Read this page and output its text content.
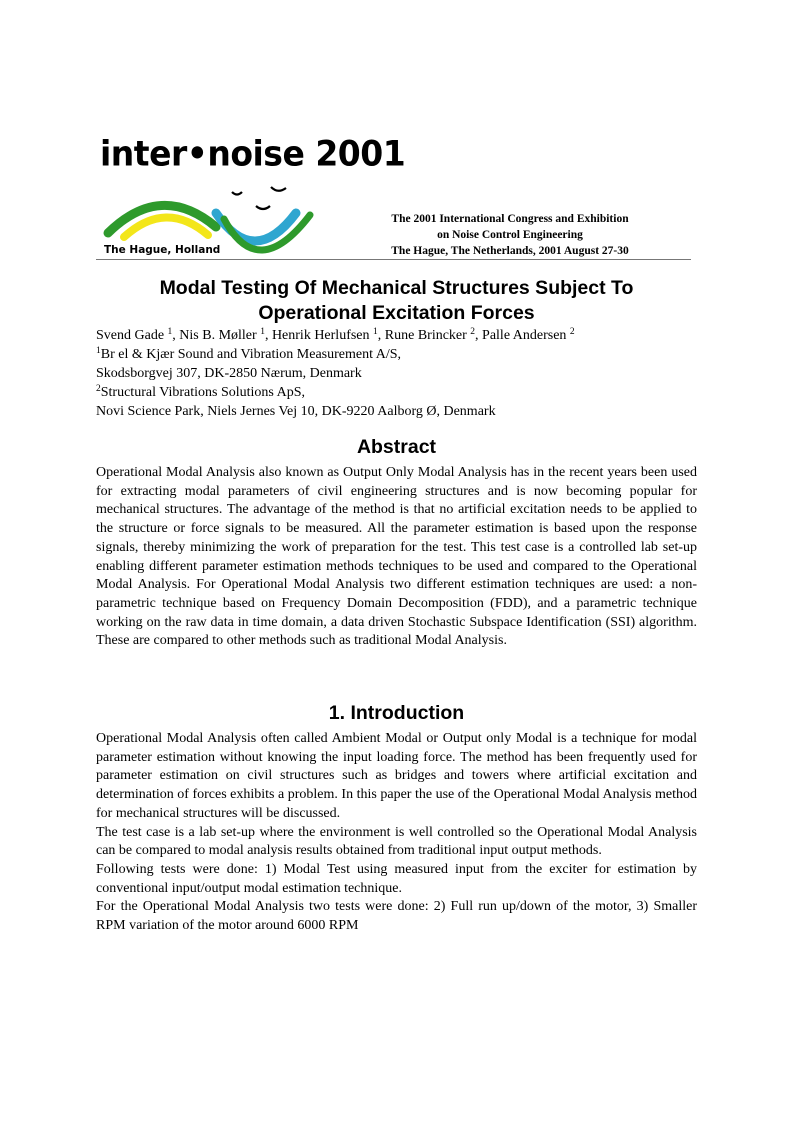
inter•noise 2001
The Hague, Holland
The 2001 International Congress and Exhibition
on Noise Control Engineering
The Hague, The Netherlands, 2001 August 27-30
Modal Testing Of Mechanical Structures Subject To
Operational Excitation Forces
Svend Gade $^1$, Nis B. Møller $^1$, Henrik Herlufsen $^1$, Rune Brincker $^2$, Palle Andersen $^2$
$^1$Br el & Kjær Sound and Vibration Measurement A/S,
Skodsborgvej 307, DK-2850 Nærum, Denmark
$^2$Structural Vibrations Solutions ApS,
Novi Science Park, Niels Jernes Vej 10, DK-9220 Aalborg Ø, Denmark
Abstract

Operational Modal Analysis also known as Output Only Modal Analysis has in the recent years been used for extracting modal parameters of civil engineering structures and is now becoming popular for mechanical structures. The advantage of the method is that no artificial excitation needs to be applied to the structure or force signals to be measured. All the parameter estimation is based upon the response signals, thereby minimizing the work of preparation for the test. This test case is a controlled lab set-up enabling different parameter estimation methods techniques to be used and compared to the Operational Modal Analysis. For Operational Modal Analysis two different estimation techniques are used: a non-parametric technique based on Frequency Domain Decomposition (FDD), and a parametric technique working on the raw data in time domain, a data driven Stochastic Subspace Identification (SSI) algorithm. These are compared to other methods such as traditional Modal Analysis.

1. Introduction

Operational Modal Analysis often called Ambient Modal or Output only Modal is a technique for modal parameter estimation without knowing the input loading force. The method has been frequently used for parameter estimation on civil structures such as bridges and towers where artificial excitation and determination of forces exhibits a problem. In this paper the use of the Operational Modal Analysis method for mechanical structures will be discussed.

The test case is a lab set-up where the environment is well controlled so the Operational Modal Analysis can be compared to modal analysis results obtained from traditional input output methods.

Following tests were done: 1) Modal Test using measured input from the exciter for estimation by conventional input/output modal estimation technique.

For the Operational Modal Analysis two tests were done: 2) Full run up/down of the motor, 3) Smaller RPM variation of the motor around 6000 RPM
